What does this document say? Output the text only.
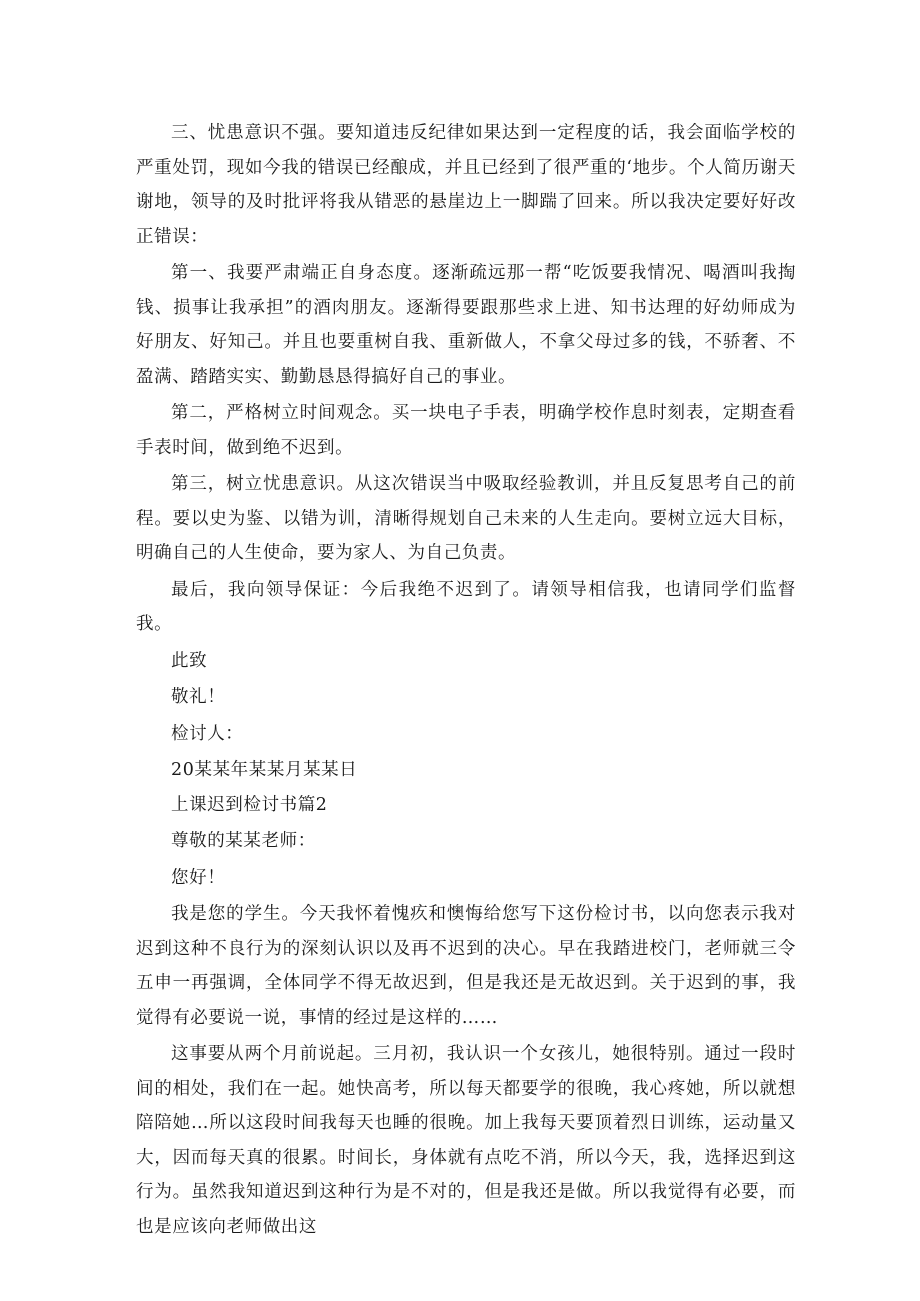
三、忧患意识不强。要知道违反纪律如果达到一定程度的话，我会面临学校的严重处罚，现如今我的错误已经酿成，并且已经到了很严重的‘地步。个人简历谢天谢地，领导的及时批评将我从错恶的悬崖边上一脚踹了回来。所以我决定要好好改正错误：

第一、我要严肃端正自身态度。逐渐疏远那一帮“吃饭要我情况、喝酒叫我掏钱、损事让我承担”的酒肉朋友。逐渐得要跟那些求上进、知书达理的好幼师成为好朋友、好知己。并且也要重树自我、重新做人，不拿父母过多的钱，不骄奢、不盈满、踏踏实实、勤勤恳恳得搞好自己的事业。

第二，严格树立时间观念。买一块电子手表，明确学校作息时刻表，定期查看手表时间，做到绝不迟到。

第三，树立忧患意识。从这次错误当中吸取经验教训，并且反复思考自己的前程。要以史为鉴、以错为训，清晰得规划自己未来的人生走向。要树立远大目标，明确自己的人生使命，要为家人、为自己负责。

最后，我向领导保证：今后我绝不迟到了。请领导相信我，也请同学们监督我。

此致

敬礼！

检讨人：

20某某年某某月某某日

上课迟到检讨书篇2

尊敬的某某老师：

您好！

我是您的学生。今天我怀着愧疚和懊悔给您写下这份检讨书，以向您表示我对迟到这种不良行为的深刻认识以及再不迟到的决心。早在我踏进校门，老师就三令五申一再强调，全体同学不得无故迟到，但是我还是无故迟到。关于迟到的事，我觉得有必要说一说，事情的经过是这样的……

这事要从两个月前说起。三月初，我认识一个女孩儿，她很特别。通过一段时间的相处，我们在一起。她快高考，所以每天都要学的很晚，我心疼她，所以就想陪陪她…所以这段时间我每天也睡的很晚。加上我每天要顶着烈日训练，运动量又大，因而每天真的很累。时间长，身体就有点吃不消，所以今天，我，选择迟到这行为。虽然我知道迟到这种行为是不对的，但是我还是做。所以我觉得有必要，而也是应该向老师做出这
